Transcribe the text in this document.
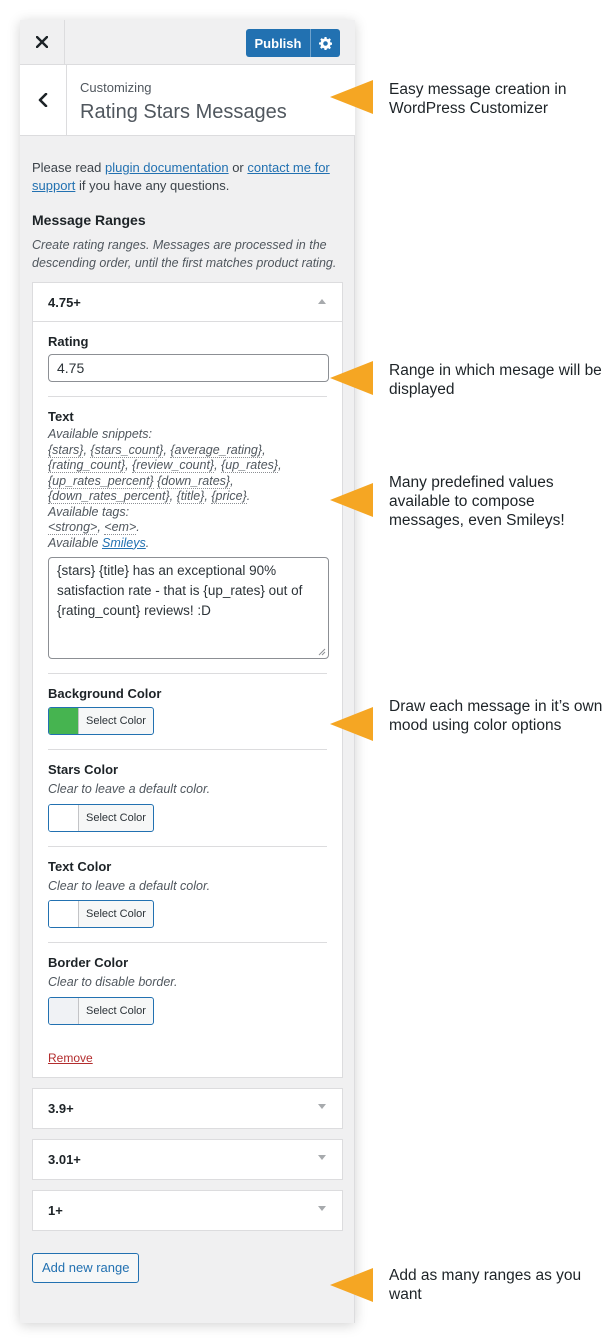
Publish
Customizing
Rating Stars Messages

Please read plugin documentation or contact me for
support if you have any questions.

Message Ranges
Create rating ranges. Messages are processed in the descending order, until the first matches product rating.
4.75+
Rating
4.75
Text
Available snippets:
{stars}, {stars_count}, {average_rating},
{rating_count}, {review_count}, {up_rates},
{up_rates_percent} {down_rates},
{down_rates_percent}, {title}, {price}.
Available tags:
<strong>, <em>.
Available Smileys.
{stars} {title} has an exceptional 90% satisfaction rate - that is {up_rates} out of {rating_count} reviews! :D
Background Color
Select Color
Stars Color
Clear to leave a default color.
Select Color
Text Color
Clear to leave a default color.
Select Color
Border Color
Clear to disable border.
Select Color
Remove
3.9+
3.01+
1+
Add new range
Easy message creation in WordPress Customizer
Range in which mesage will be displayed
Many predefined values available to compose messages, even Smileys!
Draw each message in it’s own mood using color options
Add as many ranges as you want
